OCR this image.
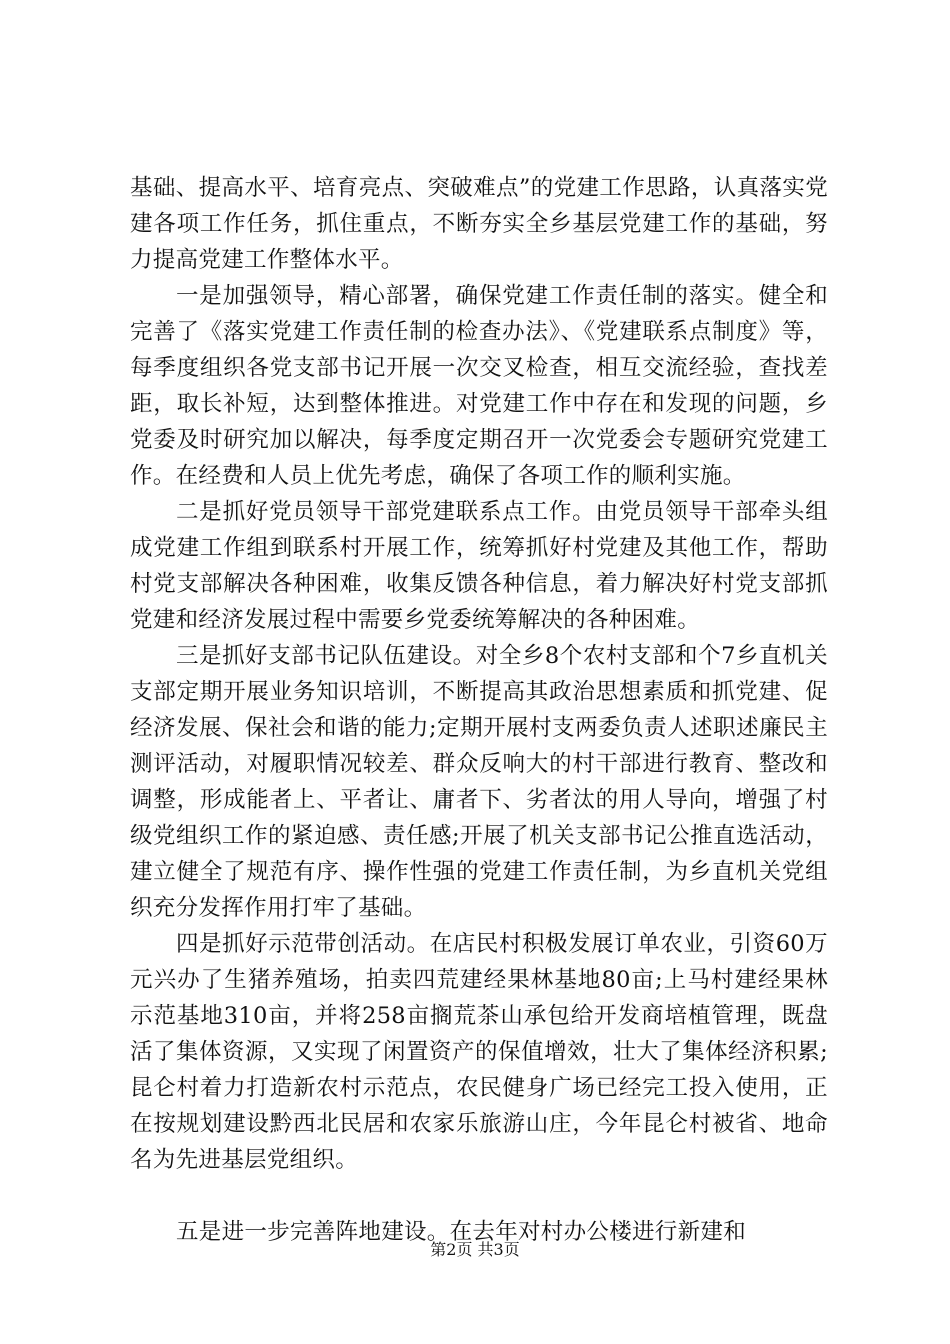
基础、提高水平、培育亮点、突破难点”的党建工作思路，认真落实党建各项工作任务，抓住重点，不断夯实全乡基层党建工作的基础，努力提高党建工作整体水平。

一是加强领导，精心部署，确保党建工作责任制的落实。健全和完善了《落实党建工作责任制的检查办法》、《党建联系点制度》等，每季度组织各党支部书记开展一次交叉检查，相互交流经验，查找差距，取长补短，达到整体推进。对党建工作中存在和发现的问题，乡党委及时研究加以解决，每季度定期召开一次党委会专题研究党建工作。在经费和人员上优先考虑，确保了各项工作的顺利实施。

二是抓好党员领导干部党建联系点工作。由党员领导干部牵头组成党建工作组到联系村开展工作，统筹抓好村党建及其他工作，帮助村党支部解决各种困难，收集反馈各种信息，着力解决好村党支部抓党建和经济发展过程中需要乡党委统筹解决的各种困难。

三是抓好支部书记队伍建设。对全乡8个农村支部和个7乡直机关支部定期开展业务知识培训，不断提高其政治思想素质和抓党建、促经济发展、保社会和谐的能力;定期开展村支两委负责人述职述廉民主测评活动，对履职情况较差、群众反响大的村干部进行教育、整改和调整，形成能者上、平者让、庸者下、劣者汰的用人导向，增强了村级党组织工作的紧迫感、责任感;开展了机关支部书记公推直选活动，建立健全了规范有序、操作性强的党建工作责任制，为乡直机关党组织充分发挥作用打牢了基础。

四是抓好示范带创活动。在店民村积极发展订单农业，引资60万元兴办了生猪养殖场，拍卖四荒建经果林基地80亩;上马村建经果林示范基地310亩，并将258亩搁荒茶山承包给开发商培植管理，既盘活了集体资源，又实现了闲置资产的保值增效，壮大了集体经济积累;昆仑村着力打造新农村示范点，农民健身广场已经完工投入使用，正在按规划建设黔西北民居和农家乐旅游山庄，今年昆仑村被省、地命名为先进基层党组织。

五是进一步完善阵地建设。在去年对村办公楼进行新建和

第2页 共3页
